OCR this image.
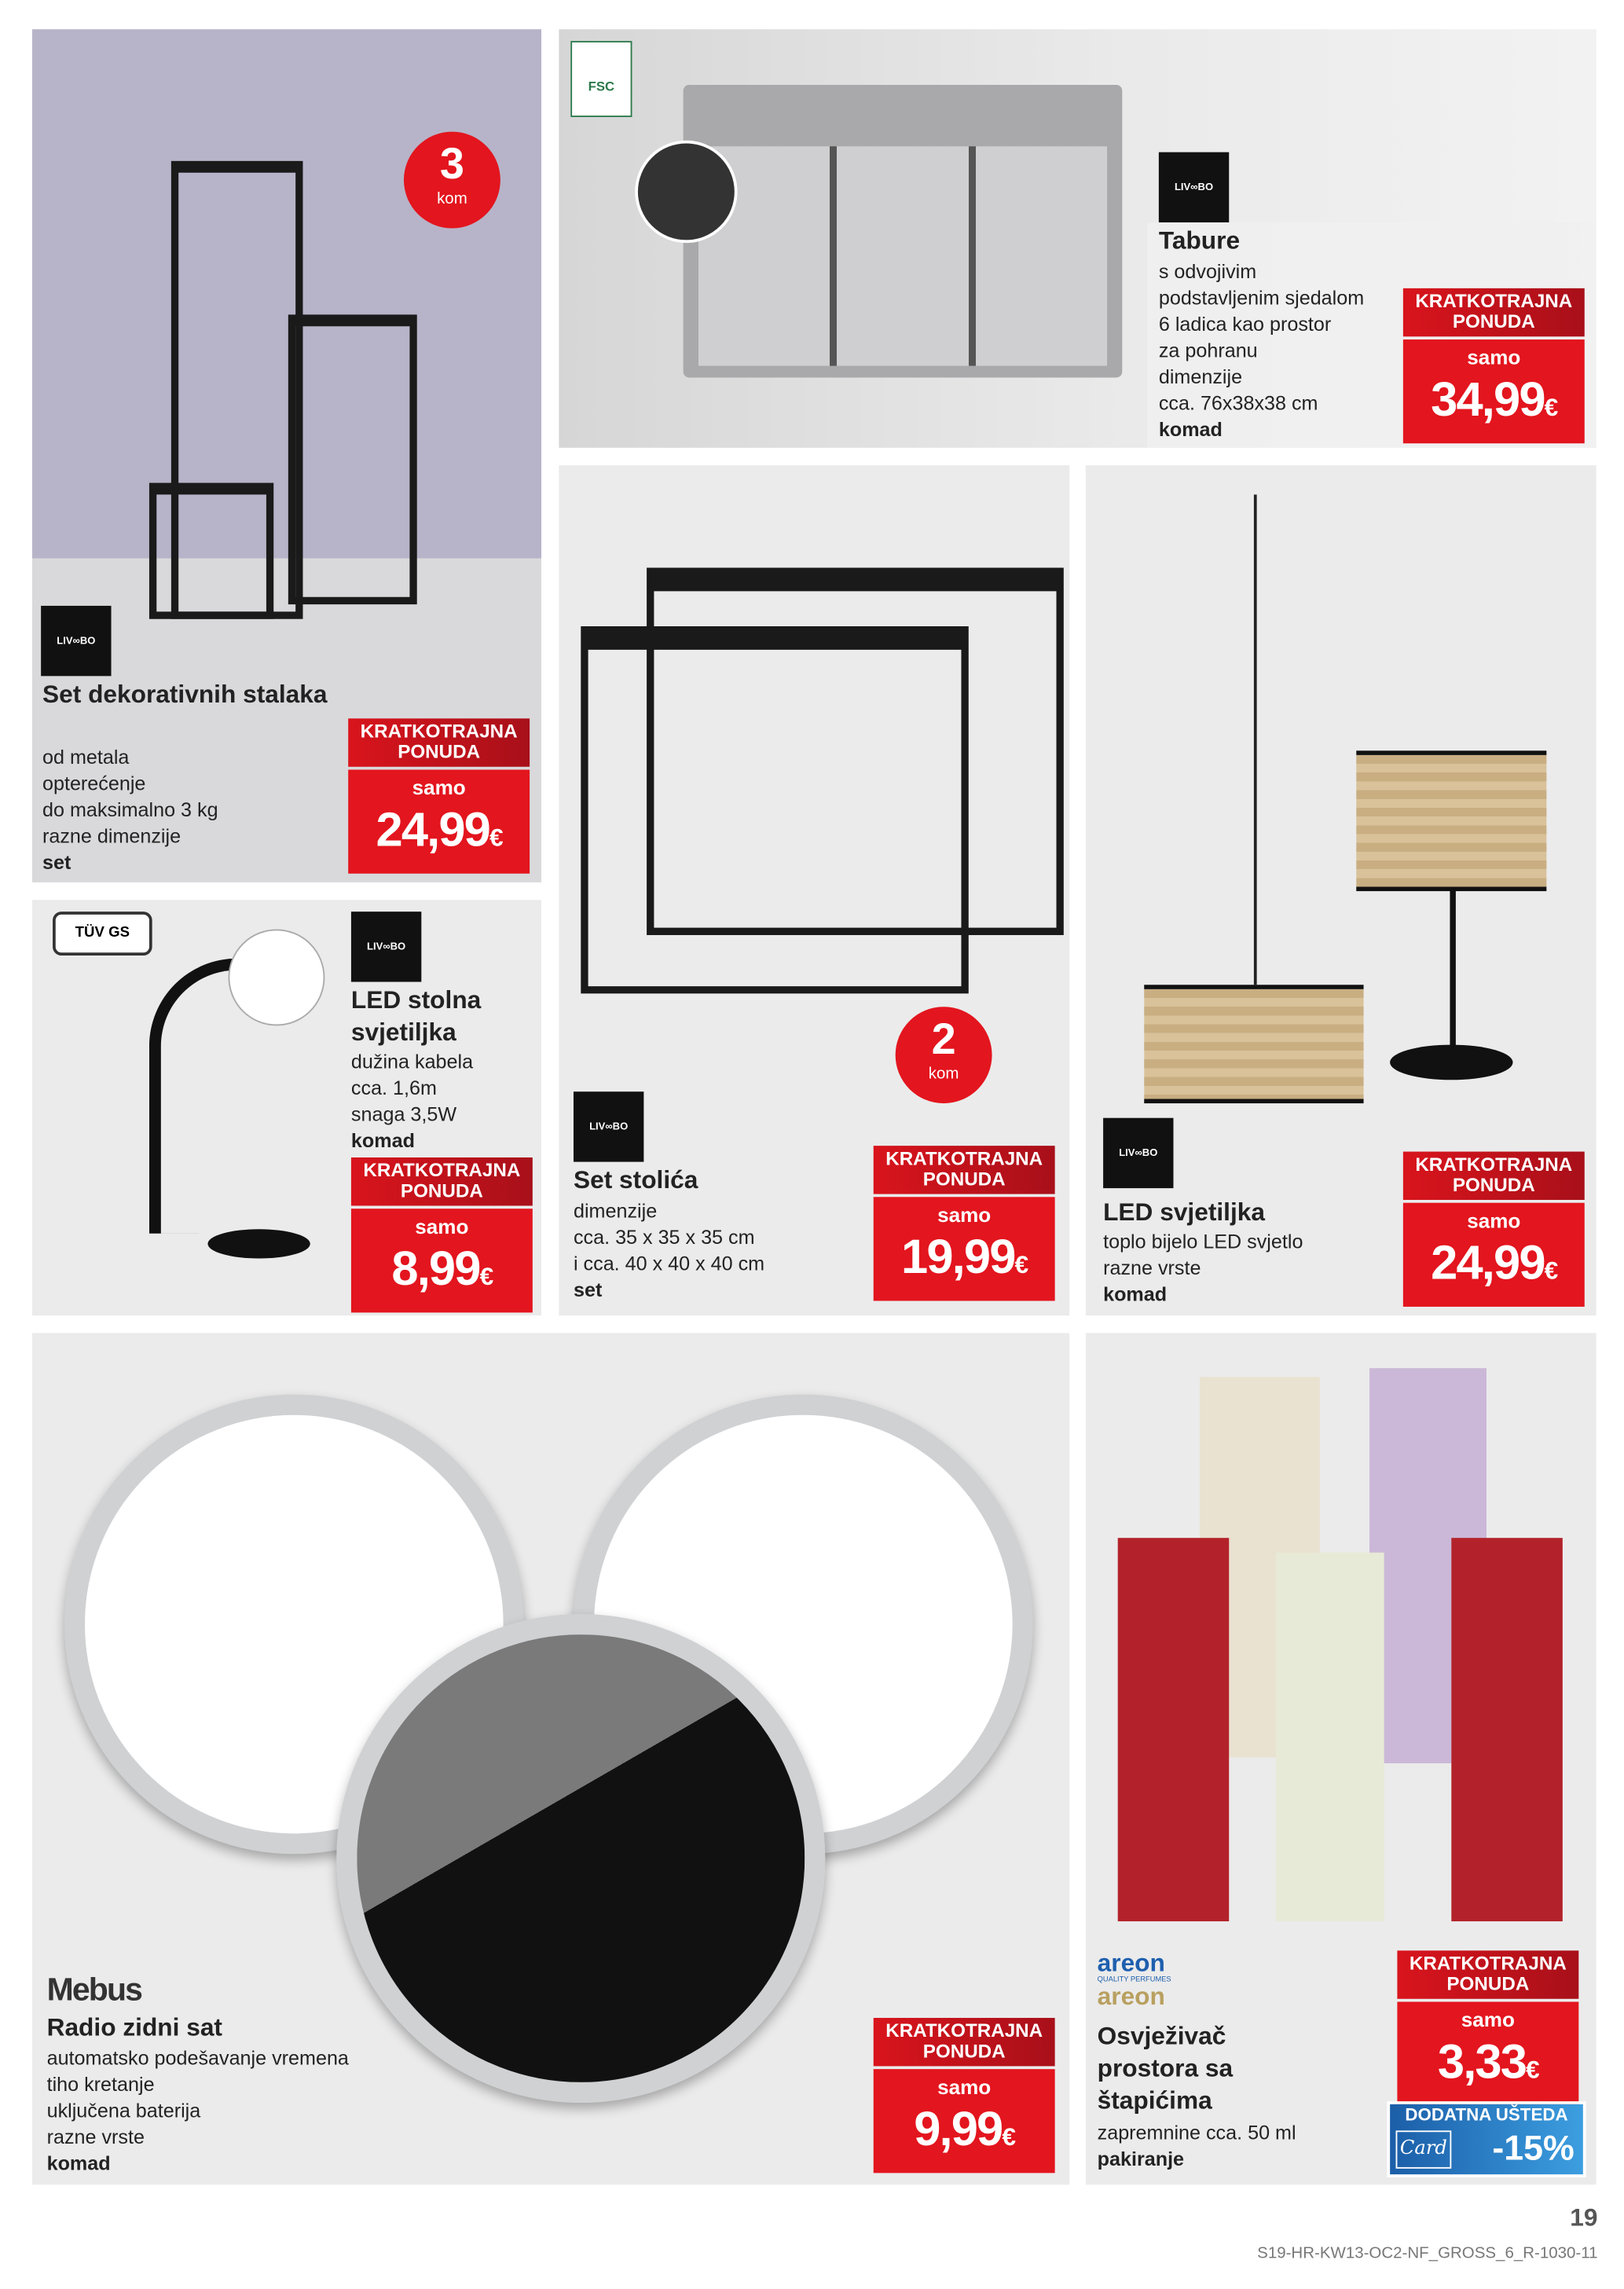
3
kom
LIV∞BO
Set dekorativnih stalaka
od metala
opterećenje
do maksimalno 3 kg
razne dimenzije
set
KRATKOTRAJNA PONUDA
samo
24,99€
FSC
LIV∞BO
Tabure
s odvojivim
podstavljenim sjedalom
6 ladica kao prostor
za pohranu
dimenzije
cca. 76x38x38 cm
komad
KRATKOTRAJNA PONUDA
samo
34,99€
TÜV GS
LIV∞BO
LED stolna svjetiljka
dužina kabela
cca. 1,6m
snaga 3,5W
komad
KRATKOTRAJNA PONUDA
samo
8,99€
2
kom
LIV∞BO
Set stolića
dimenzije
cca. 35 x 35 x 35 cm
i cca. 40 x 40 x 40 cm
set
KRATKOTRAJNA PONUDA
samo
19,99€
LIV∞BO
LED svjetiljka
toplo bijelo LED svjetlo
razne vrste
komad
KRATKOTRAJNA PONUDA
samo
24,99€
Mebus
Radio zidni sat
automatsko podešavanje vremena
tiho kretanje
uključena baterija
razne vrste
komad
KRATKOTRAJNA PONUDA
samo
9,99€
areon
QUALITY PERFUMES
areon
Osvježivač prostora sa štapićima
zapremnine cca. 50 ml
pakiranje
KRATKOTRAJNA PONUDA
samo
3,33€
DODATNA UŠTEDA
Card -15%
19
S19-HR-KW13-OC2-NF_GROSS_6_R-1030-11
